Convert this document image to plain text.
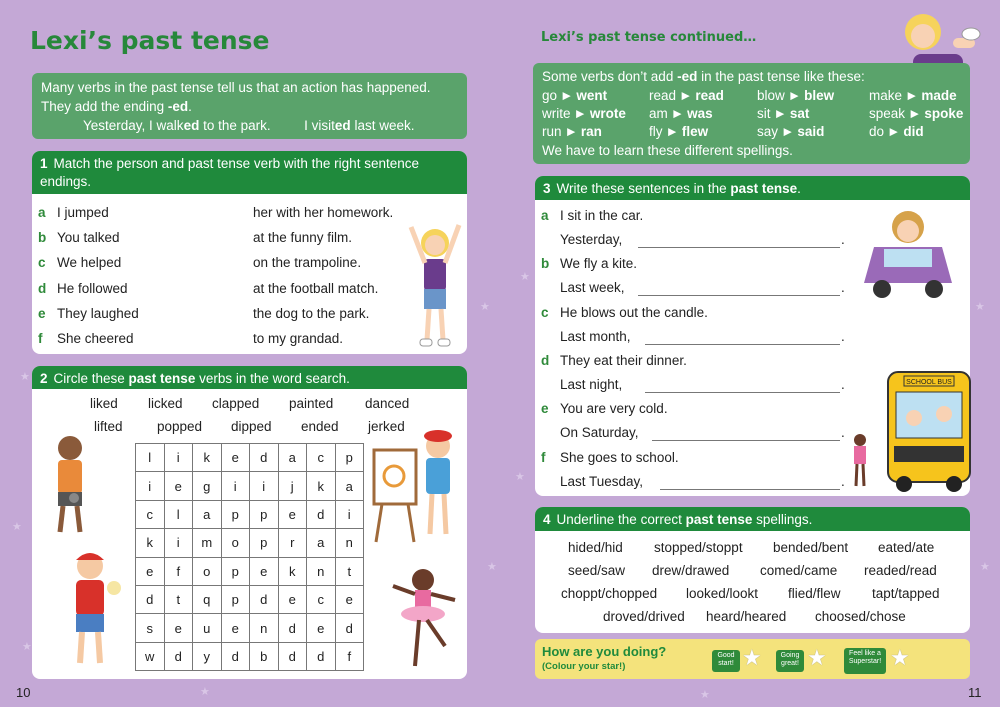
★
★
★
★
★
★
★
★
★
★	★
Lexi’s past tense
Many verbs in the past tense tell us that an action has happened.
They add the ending -ed.
Yesterday, I walked to the park. I visited last week.
1 Match the person and past tense verb with the right sentence endings.
2 Circle these past tense verbs in the word search.
l	i	k	e	d	a	c	p
i	e	g	i	i	j	k	a
c	l	a	p	p	e	d	i
k	i	m	o	p	r	a	n
e	f	o	p	e	k	n	t
d	t	q	p	d	e	c	e
s	e	u	e	n	d	e	d
w	d	y	d	b	d	d	f
10
Lexi’s past tense continued…
Some verbs don’t add -ed in the past tense like these:
go ► went	read ► read blow ► blew	make ► made
write ► wrote am ► was	sit ► sat	speak ► spoke
run ► ran	fly ► flew	say ► said	do ► did
We have to learn these different spellings.
3 Write these sentences in the past tense.
SCHOOL BUS
4 Underline the correct past tense spellings.
How are you doing?
(Colour your star!)
Good start! ★	Going great! ★	Feel like a Superstar! ★
11
a I jumped	her with her homework.
b You talked	at the funny film.
c We helped	on the trampoline.
d He followed	at the football match.
e They laughed	the dog to the park.
f She cheered	to my grandad.
liked licked clapped painted danced
lifted	popped dipped ended jerked
a I sit in the car.
Yesterday,	.
b We fly a kite.
Last week,	.
c He blows out the candle.
Last month,	.
d They eat their dinner.
Last night,	.
e You are very cold.
On Saturday,	.
f She goes to school.
Last Tuesday,	.
hided/hid stopped/stoppt bended/bent eated/ate
seed/saw drew/drawed comed/came readed/read
choppt/chopped looked/lookt flied/flew tapt/tapped
droved/drived heard/heared choosed/chose
